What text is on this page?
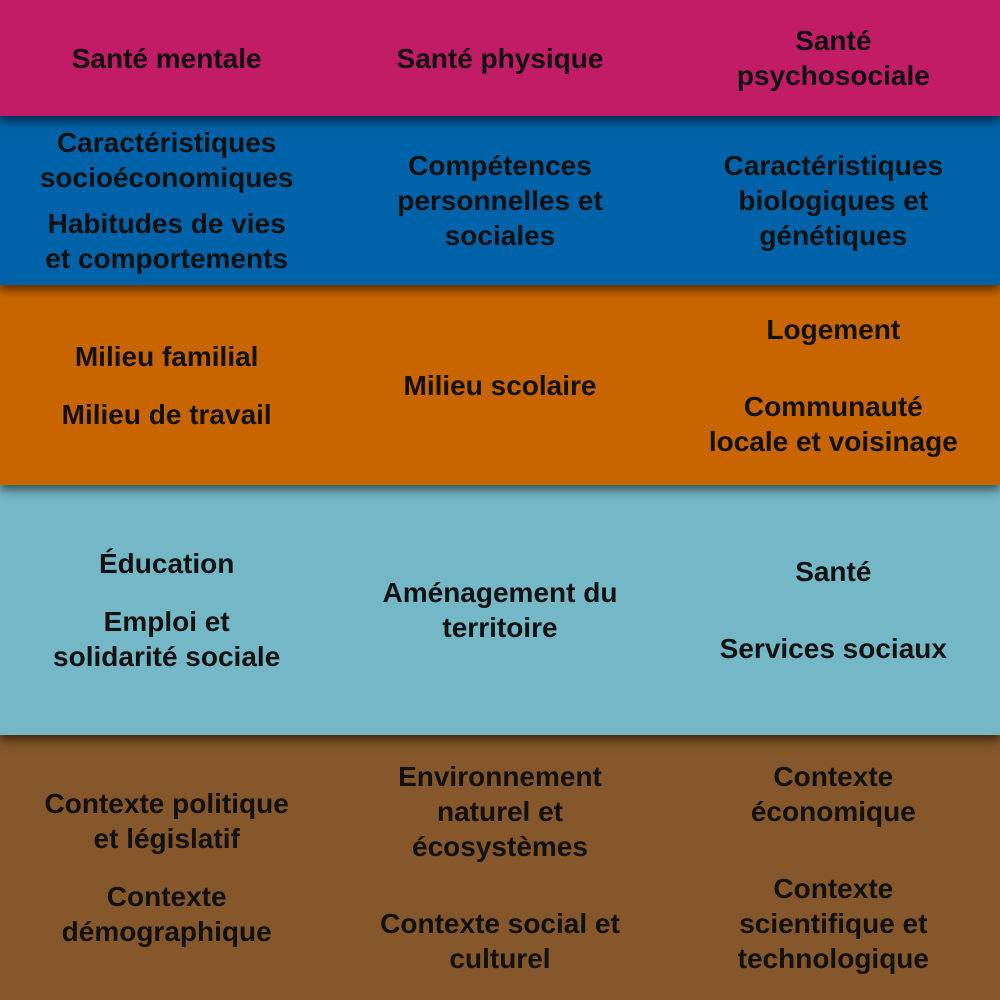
Santé mentale	Santé physique
Santé
psychosociale
Caractéristiques
socioéconomiques
Habitudes de vies
et comportements
Compétences
personnelles et
sociales
Caractéristiques
biologiques et
génétiques
Milieu familial
Milieu de travail
Milieu scolaire
Logement
Communauté
locale et voisinage
Éducation
Emploi et
solidarité sociale
Aménagement du
territoire
Santé
Services sociaux
Contexte politique
et législatif
Contexte
démographique
Environnement
naturel et
écosystèmes
Contexte social et
culturel
Contexte
économique
Contexte
scientifique et
technologique
